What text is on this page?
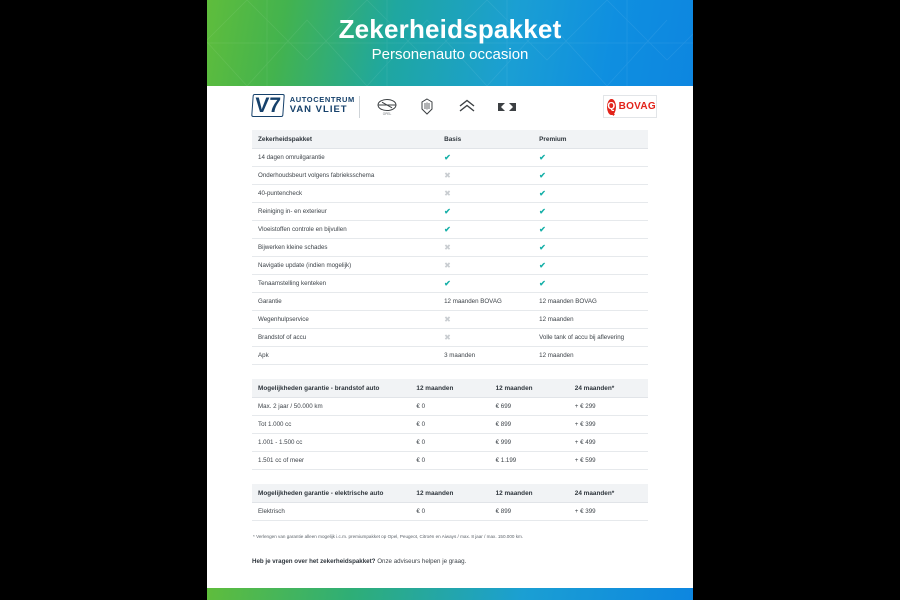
Zekerheidspakket
Personenauto occasion
V7	AUTOCENTRUM
VAN VLIET	OPEL
Q BOVAG
Zekerheidspakket	Basis	Premium
14 dagen omruilgarantie	✔	✔
Onderhoudsbeurt volgens fabrieksschema	✖	✔
40-puntencheck	✖	✔
Reiniging in- en exterieur	✔	✔
Vloeistoffen controle en bijvullen	✔	✔
Bijwerken kleine schades	✖	✔
Navigatie update (indien mogelijk)	✖	✔
Tenaamstelling kenteken	✔	✔
Garantie	12 maanden BOVAG	12 maanden BOVAG
Wegenhulpservice	✖	12 maanden
Brandstof of accu	✖	Volle tank of accu bij aflevering
Apk	3 maanden	12 maanden
Mogelijkheden garantie - brandstof auto	12 maanden	12 maanden	24 maanden*
Max. 2 jaar / 50.000 km	€ 0	€ 699	+ € 299
Tot 1.000 cc	€ 0	€ 899	+ € 399
1.001 - 1.500 cc	€ 0	€ 999	+ € 499
1.501 cc of meer	€ 0	€ 1.199	+ € 599
Mogelijkheden garantie - elektrische auto	12 maanden	12 maanden	24 maanden*
Elektrisch	€ 0	€ 899	+ € 399
* Verlengen van garantie alleen mogelijk i.c.m. premiumpakket op Opel, Peugeot, Citroën en Aiways / max. 8 jaar / max. 150.000 km.
Heb je vragen over het zekerheidspakket? Onze adviseurs helpen je graag.
